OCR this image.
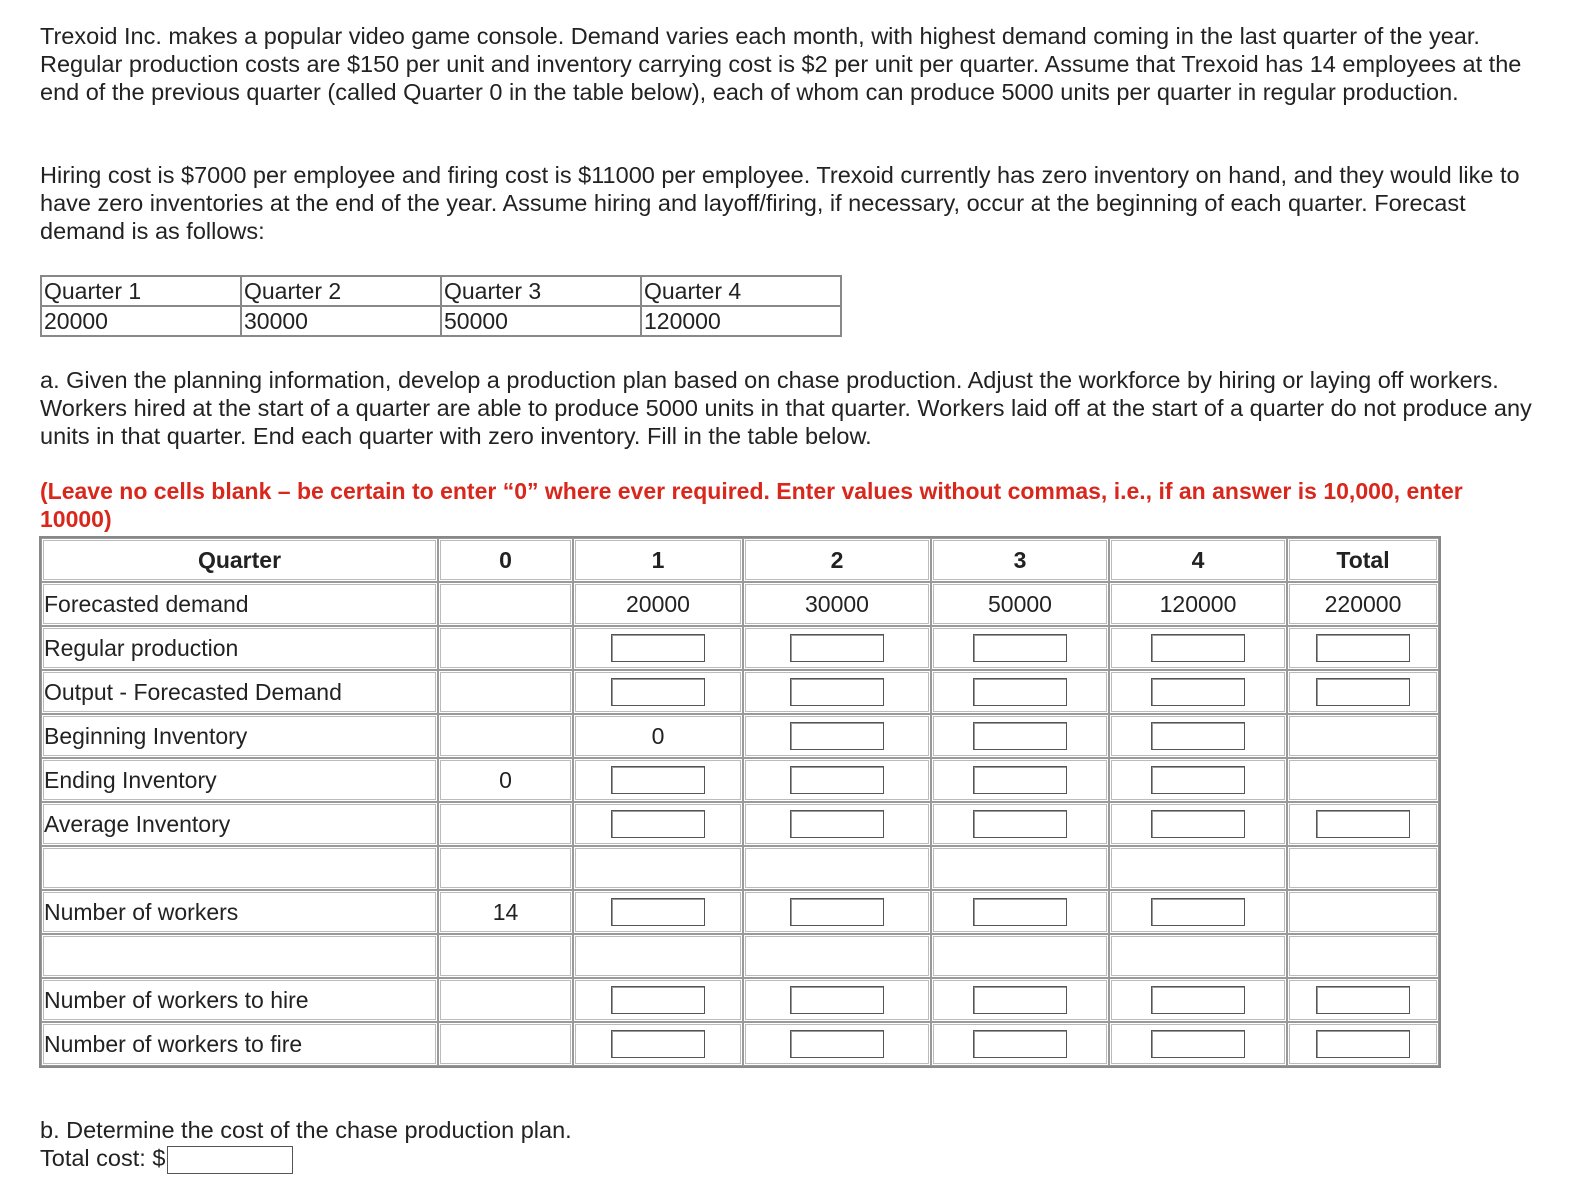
Trexoid Inc. makes a popular video game console. Demand varies each month, with highest demand coming in the last quarter of the year. Regular production costs are $150 per unit and inventory carrying cost is $2 per unit per quarter. Assume that Trexoid has 14 employees at the end of the previous quarter (called Quarter 0 in the table below), each of whom can produce 5000 units per quarter in regular production.

Hiring cost is $7000 per employee and firing cost is $11000 per employee. Trexoid currently has zero inventory on hand, and they would like to have zero inventories at the end of the year. Assume hiring and layoff/firing, if necessary, occur at the beginning of each quarter. Forecast demand is as follows:

Quarter 1	Quarter 2	Quarter 3	Quarter 4
20000	30000	50000	120000

a. Given the planning information, develop a production plan based on chase production. Adjust the workforce by hiring or laying off workers. Workers hired at the start of a quarter are able to produce 5000 units in that quarter. Workers laid off at the start of a quarter do not produce any units in that quarter. End each quarter with zero inventory. Fill in the table below.

(Leave no cells blank – be certain to enter “0” where ever required. Enter values without commas, i.e., if an answer is 10,000, enter 10000)

Quarter	0	1	2	3	4	Total
Forecasted demand		20000	30000	50000	120000	220000
Regular production						
Output - Forecasted Demand						
Beginning Inventory		0				
Ending Inventory	0					
Average Inventory						

Number of workers	14					

Number of workers to hire						
Number of workers to fire						
b. Determine the cost of the chase production plan.
Total cost: $
